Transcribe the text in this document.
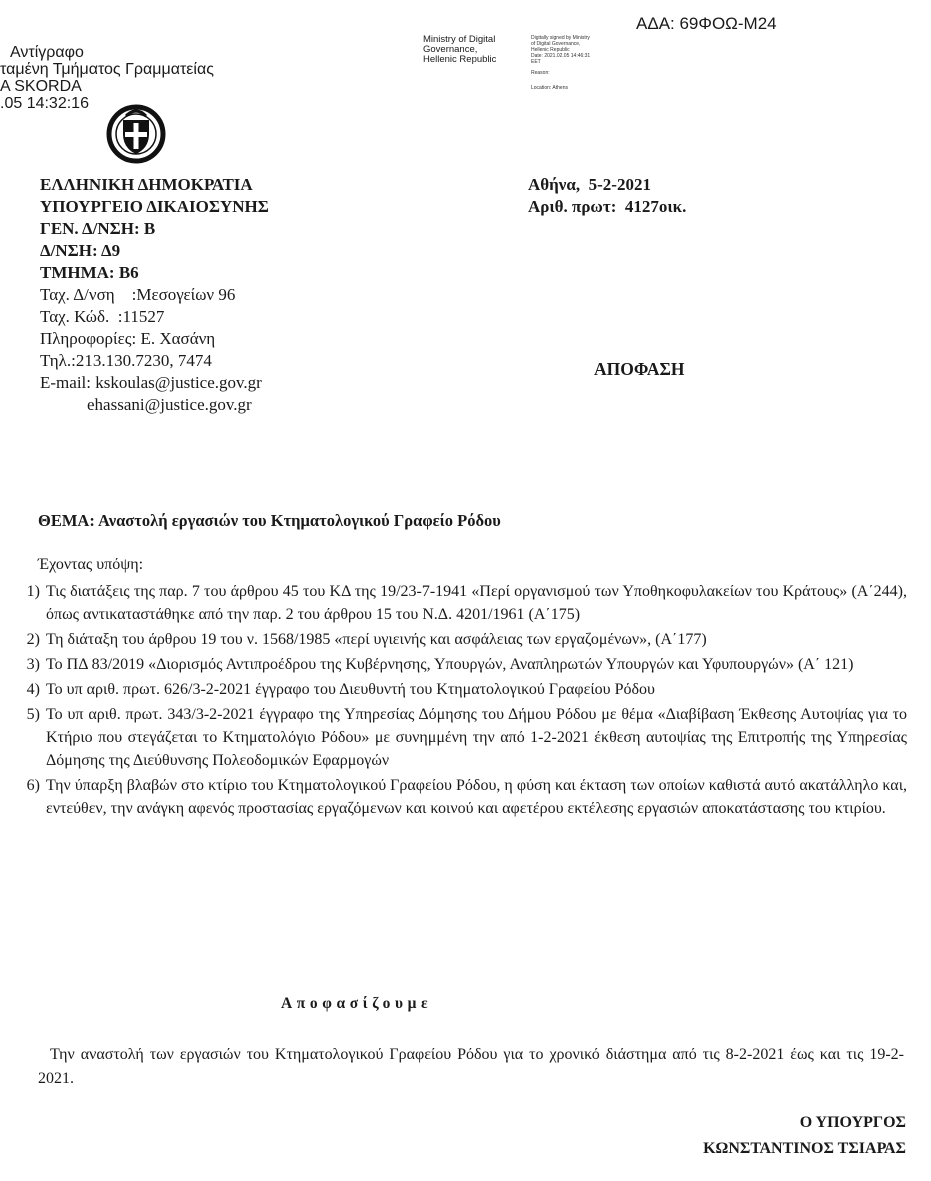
Αντίγραφο
ταμένη Τμήματος Γραμματείας
A SKORDA
.05 14:32:16
ΑΔΑ: 69ΦΟΩ-Μ24
Ministry of Digital
Governance,
Hellenic Republic
Digitally signed by Ministry
of Digital Governance,
Hellenic Republic
Date: 2021.02.05 14:46:31
EET
Reason:
Location: Athens
ΕΛΛΗΝΙΚΗ ΔΗΜΟΚΡΑΤΙΑ
ΥΠΟΥΡΓΕΙΟ ΔΙΚΑΙΟΣΥΝΗΣ
ΓΕΝ. Δ/ΝΣΗ: Β
Δ/ΝΣΗ: Δ9
ΤΜΗΜΑ: Β6
Ταχ. Δ/νση    :Μεσογείων 96
Ταχ. Κώδ.  :11527
Πληροφορίες: Ε. Χασάνη
Τηλ.:213.130.7230, 7474
E-mail: kskoulas@justice.gov.gr
ehassani@justice.gov.gr
Αθήνα,  5-2-2021
Αριθ. πρωτ:  4127οικ.
ΑΠΟΦΑΣΗ
ΘΕΜΑ: Αναστολή εργασιών του Κτηματολογικού Γραφείο Ρόδου
Έχοντας υπόψη:
1) Τις διατάξεις της παρ. 7 του άρθρου 45 του ΚΔ της 19/23-7-1941 «Περί οργανισμού των Υποθηκοφυλακείων του Κράτους» (Α΄244), όπως αντικαταστάθηκε από την παρ. 2 του άρθρου 15 του Ν.Δ. 4201/1961 (Α΄175)
2) Τη διάταξη του άρθρου 19 του ν. 1568/1985 «περί υγιεινής και ασφάλειας των εργαζομένων», (Α΄177)
3) Το ΠΔ 83/2019 «Διορισμός Αντιπροέδρου της Κυβέρνησης, Υπουργών, Αναπληρωτών Υπουργών και Υφυπουργών» (Α΄ 121)
4) Το υπ αριθ. πρωτ. 626/3-2-2021 έγγραφο του Διευθυντή του Κτηματολογικού Γραφείου Ρόδου
5) Το υπ αριθ. πρωτ. 343/3-2-2021 έγγραφο της Υπηρεσίας Δόμησης του Δήμου Ρόδου με θέμα «Διαβίβαση Έκθεσης Αυτοψίας για το Κτήριο που στεγάζεται το Κτηματολόγιο Ρόδου» με συνημμένη την από 1-2-2021 έκθεση αυτοψίας της Επιτροπής της Υπηρεσίας Δόμησης της Διεύθυνσης Πολεοδομικών Εφαρμογών
6) Την ύπαρξη βλαβών στο κτίριο του Κτηματολογικού Γραφείου Ρόδου, η φύση και έκταση των οποίων καθιστά αυτό ακατάλληλο και, εντεύθεν, την ανάγκη αφενός προστασίας εργαζόμενων και κοινού και αφετέρου εκτέλεσης εργασιών αποκατάστασης του κτιρίου.
Αποφασίζουμε

Την αναστολή των εργασιών του Κτηματολογικού Γραφείου Ρόδου για το χρονικό διάστημα από τις 8-2-2021 έως και τις 19-2-2021.

Ο ΥΠΟΥΡΓΟΣ
ΚΩΝΣΤΑΝΤΙΝΟΣ ΤΣΙΑΡΑΣ
